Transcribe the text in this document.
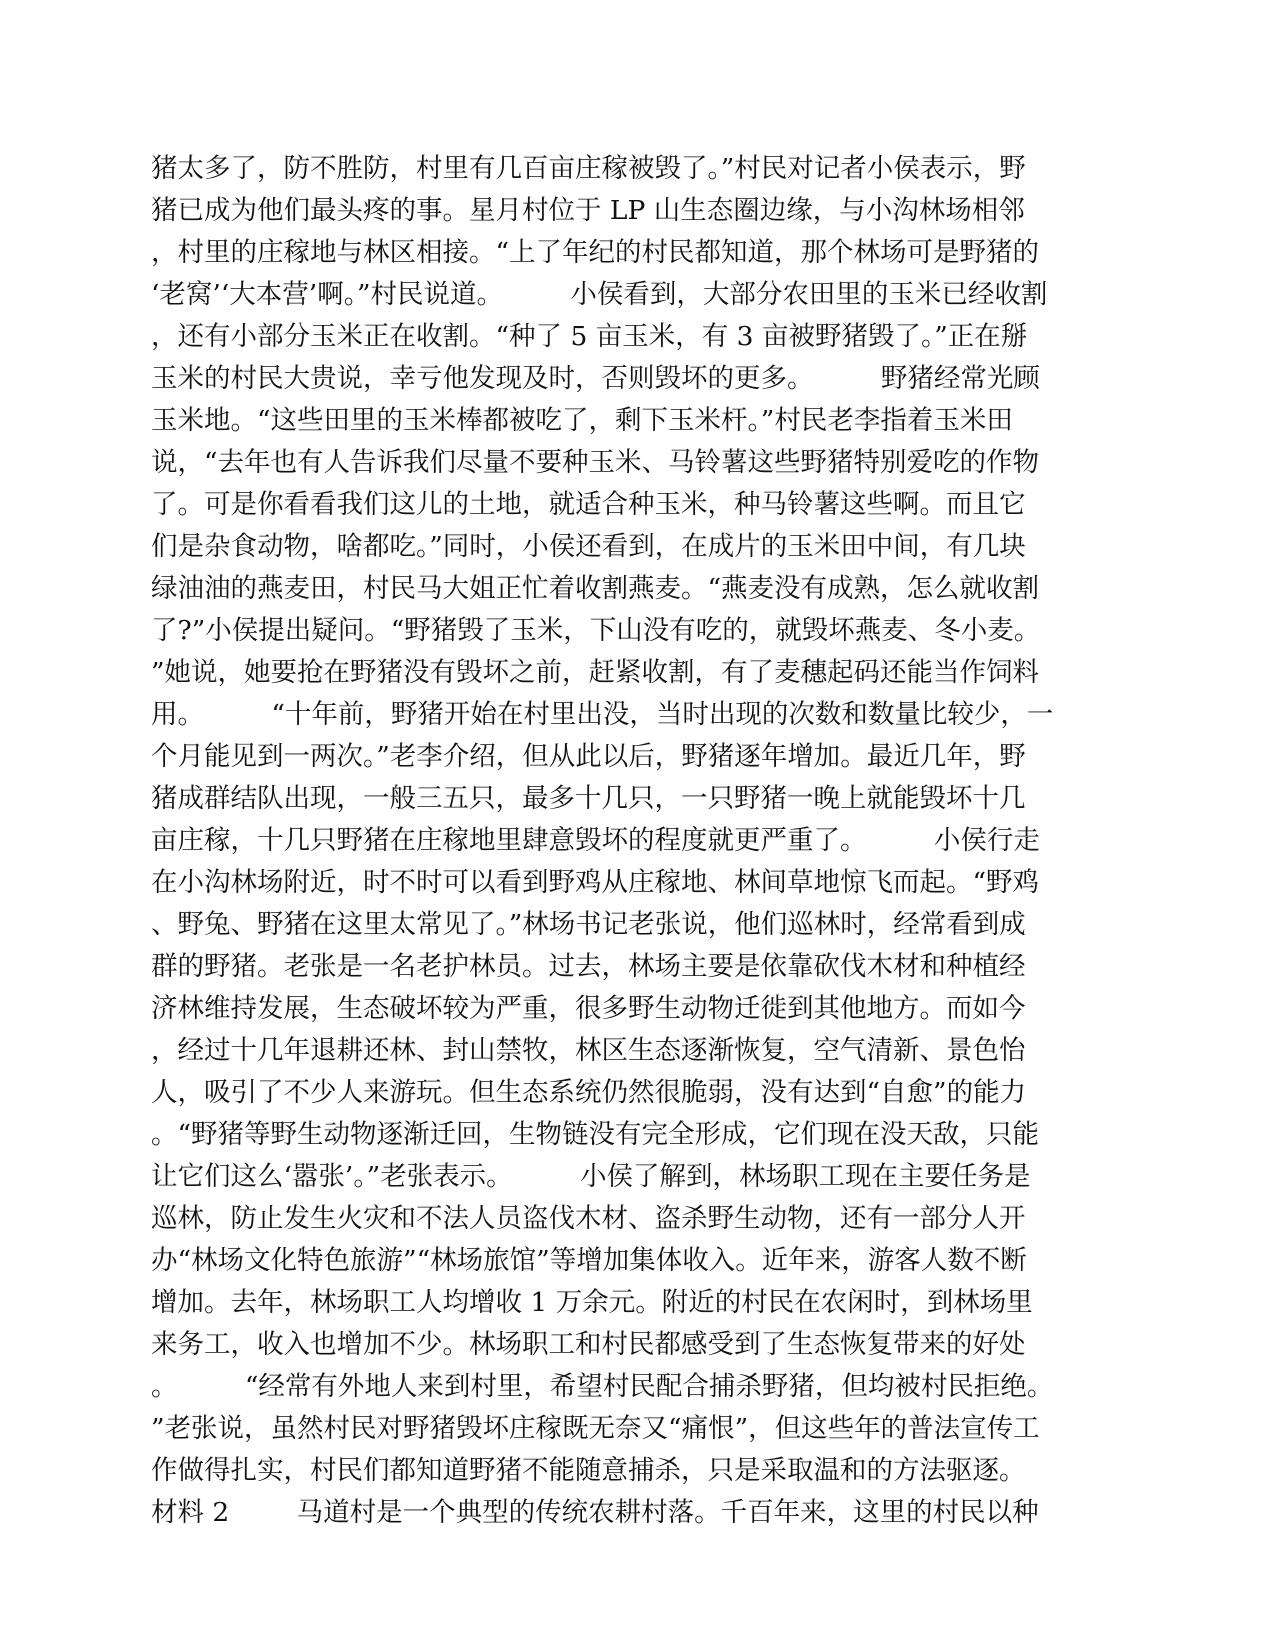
猪太多了，防不胜防，村里有几百亩庄稼被毁了。”村民对记者小侯表示，野
猪已成为他们最头疼的事。星月村位于 LP 山生态圈边缘，与小沟林场相邻
，村里的庄稼地与林区相接。“上了年纪的村民都知道，那个林场可是野猪的
‘老窝’‘大本营’啊。”村民说道。        小侯看到，大部分农田里的玉米已经收割
，还有小部分玉米正在收割。“种了 5 亩玉米，有 3 亩被野猪毁了。”正在掰
玉米的村民大贵说，幸亏他发现及时，否则毁坏的更多。        野猪经常光顾
玉米地。“这些田里的玉米棒都被吃了，剩下玉米杆。”村民老李指着玉米田
说，“去年也有人告诉我们尽量不要种玉米、马铃薯这些野猪特别爱吃的作物
了。可是你看看我们这儿的土地，就适合种玉米，种马铃薯这些啊。而且它
们是杂食动物，啥都吃。”同时，小侯还看到，在成片的玉米田中间，有几块
绿油油的燕麦田，村民马大姐正忙着收割燕麦。“燕麦没有成熟，怎么就收割
了?”小侯提出疑问。“野猪毁了玉米，下山没有吃的，就毁坏燕麦、冬小麦。
”她说，她要抢在野猪没有毁坏之前，赶紧收割，有了麦穗起码还能当作饲料
用。        “十年前，野猪开始在村里出没，当时出现的次数和数量比较少，一
个月能见到一两次。”老李介绍，但从此以后，野猪逐年增加。最近几年，野
猪成群结队出现，一般三五只，最多十几只，一只野猪一晚上就能毁坏十几
亩庄稼，十几只野猪在庄稼地里肆意毁坏的程度就更严重了。        小侯行走
在小沟林场附近，时不时可以看到野鸡从庄稼地、林间草地惊飞而起。“野鸡
、野兔、野猪在这里太常见了。”林场书记老张说，他们巡林时，经常看到成
群的野猪。老张是一名老护林员。过去，林场主要是依靠砍伐木材和种植经
济林维持发展，生态破坏较为严重，很多野生动物迁徙到其他地方。而如今
，经过十几年退耕还林、封山禁牧，林区生态逐渐恢复，空气清新、景色怡
人，吸引了不少人来游玩。但生态系统仍然很脆弱，没有达到“自愈”的能力
。“野猪等野生动物逐渐迁回，生物链没有完全形成，它们现在没天敌，只能
让它们这么‘嚣张’。”老张表示。        小侯了解到，林场职工现在主要任务是
巡林，防止发生火灾和不法人员盗伐木材、盗杀野生动物，还有一部分人开
办“林场文化特色旅游”“林场旅馆”等增加集体收入。近年来，游客人数不断
增加。去年，林场职工人均增收 1 万余元。附近的村民在农闲时，到林场里
来务工，收入也增加不少。林场职工和村民都感受到了生态恢复带来的好处
。        “经常有外地人来到村里，希望村民配合捕杀野猪，但均被村民拒绝。
”老张说，虽然村民对野猪毁坏庄稼既无奈又“痛恨”，但这些年的普法宣传工
作做得扎实，村民们都知道野猪不能随意捕杀，只是采取温和的方法驱逐。
材料 2        马道村是一个典型的传统农耕村落。千百年来，这里的村民以种
